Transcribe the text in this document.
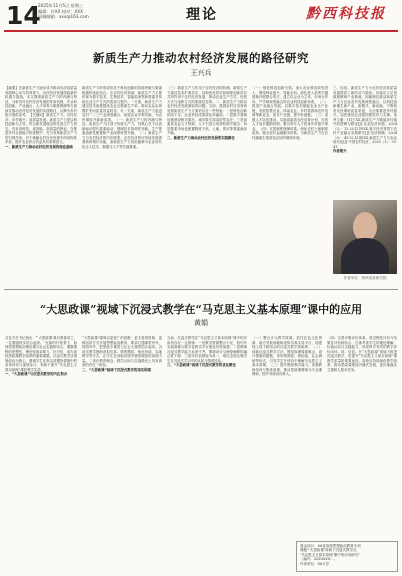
14
2025年11月5日 星期三
编辑：许XX 校对：XXX
投稿邮箱：xxx@163.com	理论	黔西科技报
新质生产力推动农村经济发展的路径研究
王兴兵
【摘要】在新质生产力逐步成为推动经济高质量发展核心动力的背景下，农村经济发展面临新的机遇与挑战。本文围绕新质生产力的内涵与特征，分析其对农村经济发展的作用机理，并从科技创新、产业融合、人才培育与制度保障等方面探讨推动农村经济发展的实践路径，以期为乡村振兴提供参考。【关键词】新质生产力；农村经济；乡村振兴；高质量发展。新质生产力是以科技创新为主导、符合新发展理念的先进生产力质态，具有高科技、高效能、高质量的特征。在推进乡村全面振兴的进程中，充分发挥新质生产力的引领作用，对于破解农村经济发展中的结构性矛盾、提升农业综合效益具有重要意义。
一、新质生产力推动农村经济发展的理论基础
新质生产力的形成依托于科技创新的持续突破与要素配置的优化组合。在农村经济领域，新质生产力主要体现为数字技术、生物技术、智能装备等新要素对传统农业生产方式的改造与提升。一方面，新质生产力通过技术渗透提高农业全要素生产率，推动农业由规模扩张向质量效益转变；另一方面，新质生产力促进农村一二三产业深度融合，拓展农业多种功能，为农民增收开辟新渠道。（一）新质生产力的内涵与特征。新质生产力区别于传统生产力，其核心在于以创新驱动替代要素驱动，强调技术革命性突破、生产要素创新性配置和产业深度转型升级。（二）新质生产力与农村经济的内在联系。农村经济的可持续发展需要新的增长动能，而新质生产力恰恰能够为农业现代化注入技术、数据与人才等关键要素。
（三）新质生产力作用于农村经济的机理。新质生产力通过技术扩散效应、结构优化效应和制度创新效应共同作用于农村经济发展，推动农业生产方式、经营方式与组织方式的系统性变革。二、新质生产力推动农村经济发展面临的问题。当前，我国农村在培育和发展新质生产力方面仍存在一些短板：一是科技创新供给不足，农业科技成果转化率偏低；二是数字基础设施建设相对滞后，城乡数字鸿沟依然存在；三是高素质农业人才短缺，人才引进与培养机制不健全；四是要素市场化配置程度不高，土地、资本等要素流动不畅。
二、新质生产力推动农村经济发展的实践路径
（一）强化科技创新引领。加大农业科技研发投入，围绕种业振兴、智能农机、绿色投入品等关键领域开展联合攻关，建立以企业为主体、市场为导向、产学研深度融合的农业科技创新体系。（二）推进产业融合发展。以数字技术赋能农业全产业链，发展智慧农业、休闲农业、乡村旅游和农村电商等新业态，延长产业链、提升价值链。（三）加强人才队伍建设。实施高素质农民培育计划，完善人才返乡激励机制，吸引青年人才投身乡村振兴事业。（四）完善制度保障体系。深化农村土地制度改革，健全农村金融服务体系，为新质生产力在农村落地生根营造良好的制度环境。
三、结语。新质生产力为农村经济高质量发展提供了新的动力源泉。各地应立足资源禀赋和产业基础，因地制宜推动新质生产力与农业农村发展深度融合，以科技创新催生新产业、新模式、新动能，不断拓宽农民增收致富渠道，为全面推进乡村振兴、加快建设农业强国提供有力支撑。参考文献：[1]王XX.新质生产力赋能乡村振兴的逻辑与路径[J].农业经济问题，2024（3）：12-20.[2]李XX.数字经济背景下农村产业融合发展研究[J].经济纵横，2024（5）：45-52.[3]张XX.新质生产力与农业现代化[J].中国农村经济，2025（1）：33-41.
作者简介
作者单位：贵州省某研究院
“大思政课”视域下沉浸式教学在“马克思主义基本原理”课中的应用
黄娟
习近平总书记指出：“‘大思政课’我们要善用之，一定要跟现实结合起来。”在新时代背景下，如何将思想政治理论课与社会实践相结合，增强课程的思想性、理论性和亲和力、针对性，成为高校思政课教学改革的重要课题。沉浸式教学以情境创设为核心，强调学生在真实或模拟情境中的亲身体验与深度参与，有助于提升“马克思主义基本原理”课的教学实效。
一、“大思政课”与沉浸式教学的内在契合
“大思政课”强调以更宽广的视野、更丰富的资源、更鲜活的方式开展思想政治教育，要求打通课堂内外、校园内外，把思政小课堂与社会大课堂结合起来。沉浸式教学借助虚拟仿真、情景模拟、角色扮演、实地研学等方式，让学生在身临其境中感悟理论的真理力量。二者在教育理念、教学目标与实施路径上具有高度的内在一致性。
二、“大思政课”视域下沉浸式教学的现实困境
当前，沉浸式教学在“马克思主义基本原理”课中的应用仍存在一定困境：一是教学资源整合不足，校内外实践基地与数字化教学平台建设有待加强；二是教师沉浸式教学能力参差不齐，情境设计与理论阐释的融合度不够；三是评价机制较为单一，难以全面反映学生在沉浸式学习中的认知与情感变化。
三、“大思政课”视域下沉浸式教学的优化路径
（一）整合多元教学资源。依托红色文化资源、地方发展成就和虚拟仿真实验平台，构建线上线下相结合的沉浸式教学资源库。（二）创新沉浸式教学方法。围绕原理课重难点，设计情境问题链，采用情景剧、辩论赛、社会调研等形式，引导学生在体验中理解马克思主义基本原理。（三）提升教师教学能力。加强教师培训与集体备课，推动思政课教师与专业课教师、校外导师协同育人。
（四）完善多维评价体系。将过程性评价与结果性评价相结合，注重考查学生的理论理解、价值认同与实践能力，形成科学有效的教学评价闭环。四、结语。在“大思政课”视域下推进沉浸式教学，是提升“马克思主义基本原理”课教学质量的重要途径。高校应持续深化教学改革，推动思政课建设内涵式发展，更好地落实立德树人根本任务。
基金项目：XX省高校思想政治教育专项
课题“‘大思政课’视域下沉浸式教学在
‘马克思主义基本原理’课中的应用研究”
（编号：2024XXX）。
作者单位：XX大学
